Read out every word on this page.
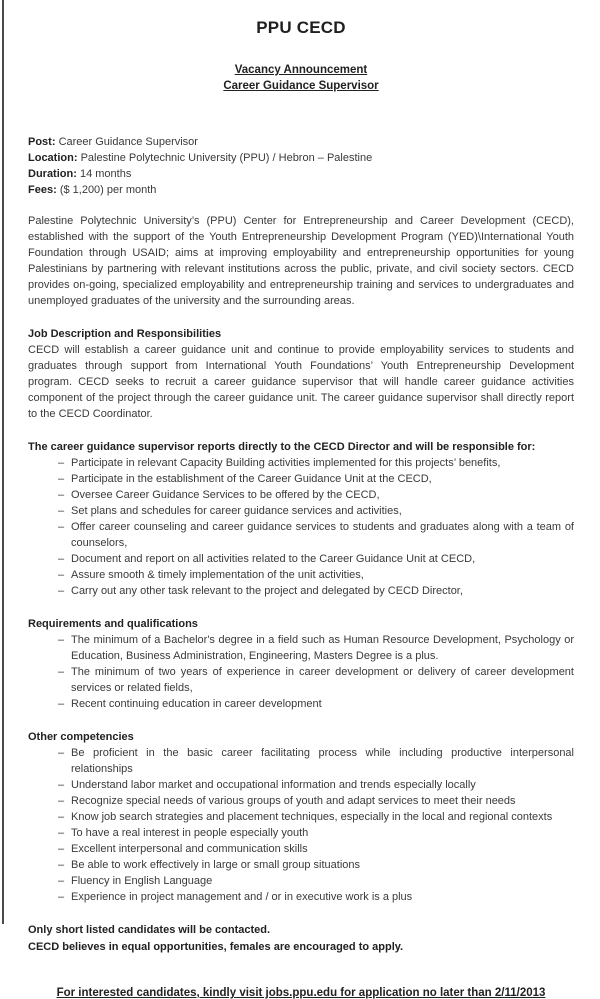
PPU CECD
Vacancy Announcement
Career Guidance Supervisor
Post: Career Guidance Supervisor
Location: Palestine Polytechnic University (PPU) / Hebron – Palestine
Duration: 14 months
Fees: ($ 1,200) per month

Palestine Polytechnic University’s (PPU) Center for Entrepreneurship and Career Development (CECD), established with the support of the Youth Entrepreneurship Development Program (YED)\International Youth Foundation through USAID; aims at improving employability and entrepreneurship opportunities for young Palestinians by partnering with relevant institutions across the public, private, and civil society sectors. CECD provides on-going, specialized employability and entrepreneurship training and services to undergraduates and unemployed graduates of the university and the surrounding areas.

Job Description and Responsibilities

CECD will establish a career guidance unit and continue to provide employability services to students and graduates through support from International Youth Foundations’ Youth Entrepreneurship Development program. CECD seeks to recruit a career guidance supervisor that will handle career guidance activities component of the project through the career guidance unit. The career guidance supervisor shall directly report to the CECD Coordinator.

The career guidance supervisor reports directly to the CECD Director and will be responsible for:
– Participate in relevant Capacity Building activities implemented for this projects’ benefits,
– Participate in the establishment of the Career Guidance Unit at the CECD,
– Oversee Career Guidance Services to be offered by the CECD,
– Set plans and schedules for career guidance services and activities,
– Offer career counseling and career guidance services to students and graduates along with a team of counselors,
– Document and report on all activities related to the Career Guidance Unit at CECD,
– Assure smooth & timely implementation of the unit activities,
– Carry out any other task relevant to the project and delegated by CECD Director,
Requirements and qualifications
– The minimum of a Bachelor's degree in a field such as Human Resource Development, Psychology or Education, Business Administration, Engineering, Masters Degree is a plus.
– The minimum of two years of experience in career development or delivery of career development services or related fields,
– Recent continuing education in career development
Other competencies
– Be proficient in the basic career facilitating process while including productive interpersonal relationships
– Understand labor market and occupational information and trends especially locally
– Recognize special needs of various groups of youth and adapt services to meet their needs
– Know job search strategies and placement techniques, especially in the local and regional contexts
– To have a real interest in people especially youth
– Excellent interpersonal and communication skills
– Be able to work effectively in large or small group situations
– Fluency in English Language
– Experience in project management and / or in executive work is a plus
Only short listed candidates will be contacted.
CECD believes in equal opportunities, females are encouraged to apply.
For interested candidates, kindly visit jobs.ppu.edu for application no later than 2/11/2013
